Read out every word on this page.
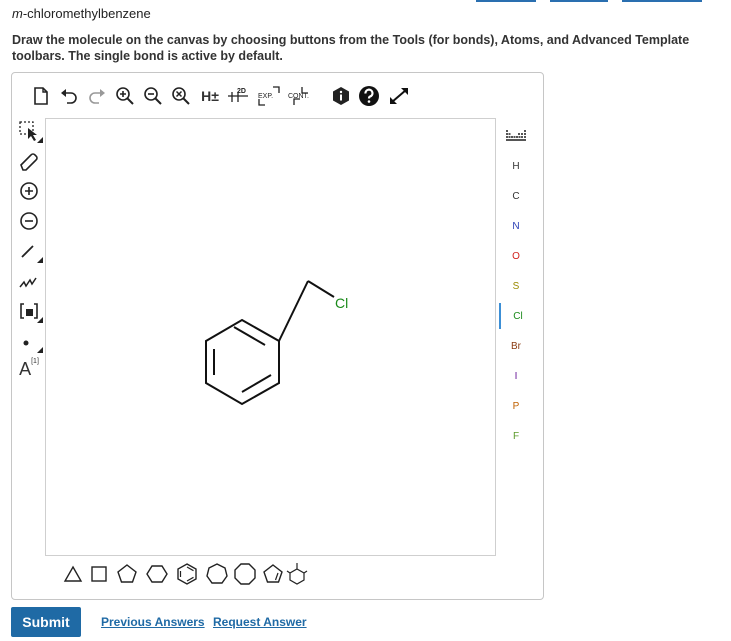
m-chloromethylbenzene
Draw the molecule on the canvas by choosing buttons from the Tools (for bonds), Atoms, and Advanced Template toolbars. The single bond is active by default.
H±	2D
EXP. CONT.
A [1]
Cl
H
C
N
O
S
Cl
Br
I
P
F
Submit	Previous Answers Request Answer
